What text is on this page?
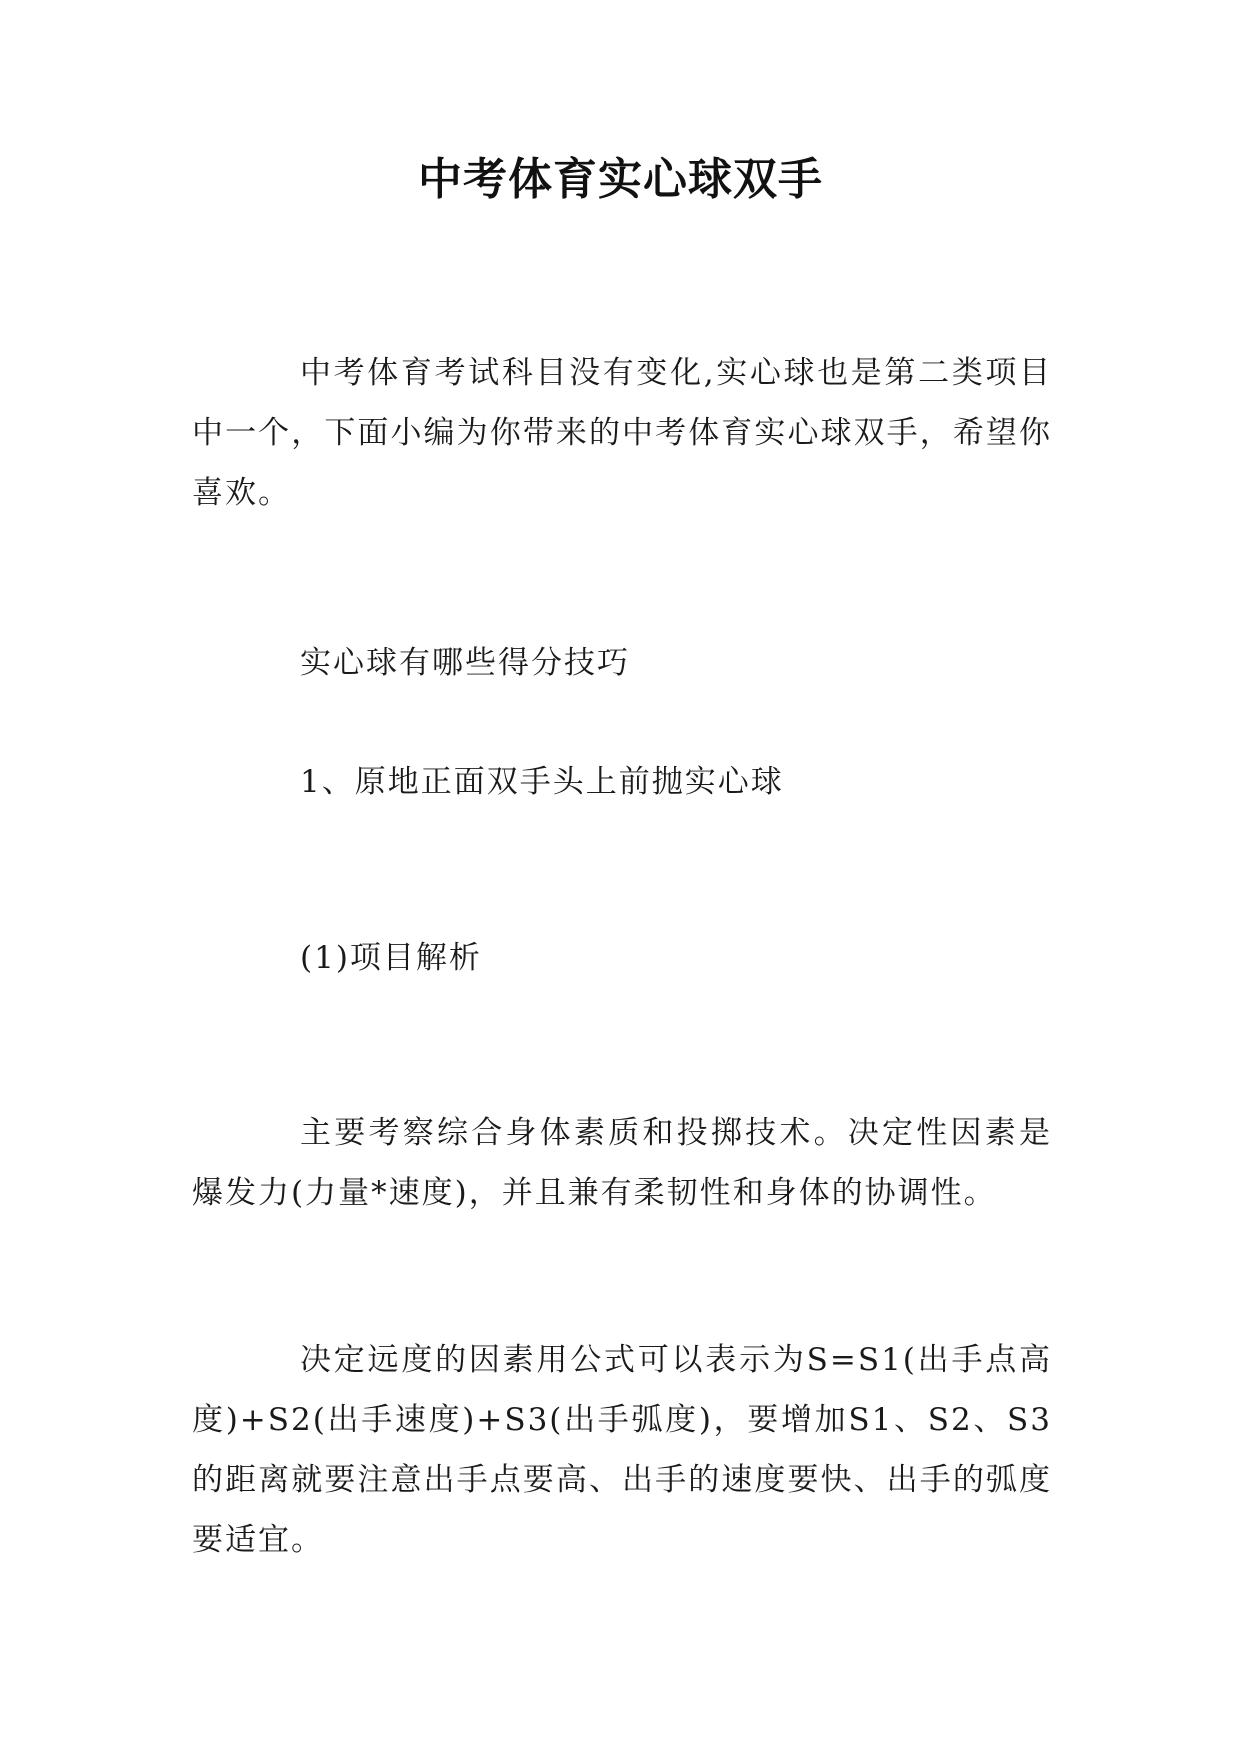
中考体育实心球双手

中考体育考试科目没有变化,实心球也是第二类项目中一个，下面小编为你带来的中考体育实心球双手，希望你喜欢。

实心球有哪些得分技巧

1、原地正面双手头上前抛实心球

(1)项目解析

主要考察综合身体素质和投掷技术。决定性因素是爆发力(力量*速度)，并且兼有柔韧性和身体的协调性。

决定远度的因素用公式可以表示为S=S1(出手点高度)+S2(出手速度)+S3(出手弧度)，要增加S1、S2、S3的距离就要注意出手点要高、出手的速度要快、出手的弧度要适宜。
